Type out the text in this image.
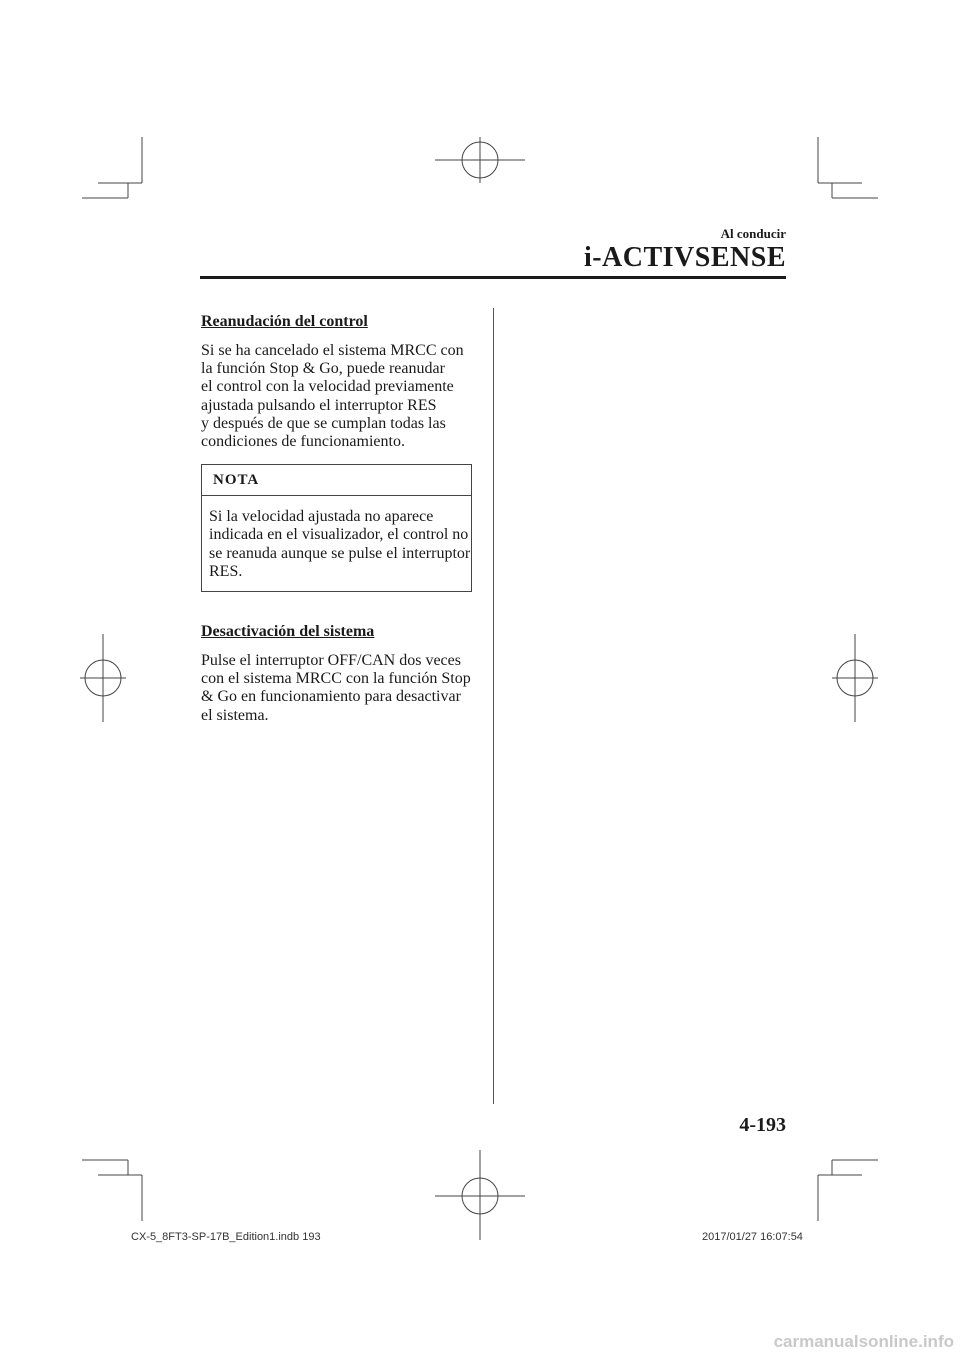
Al conducir
i-ACTIVSENSE
Reanudación del control

Si se ha cancelado el sistema MRCC con
la función Stop & Go, puede reanudar
el control con la velocidad previamente
ajustada pulsando el interruptor RES
y después de que se cumplan todas las
condiciones de funcionamiento.

NOTA
Si la velocidad ajustada no aparece
indicada en el visualizador, el control no
se reanuda aunque se pulse el interruptor
RES.
Desactivación del sistema

Pulse el interruptor OFF/CAN dos veces
con el sistema MRCC con la función Stop
& Go en funcionamiento para desactivar
el sistema.

4-193
CX-5_8FT3-SP-17B_Edition1.indb 193	2017/01/27 16:07:54
carmanualsonline.info
